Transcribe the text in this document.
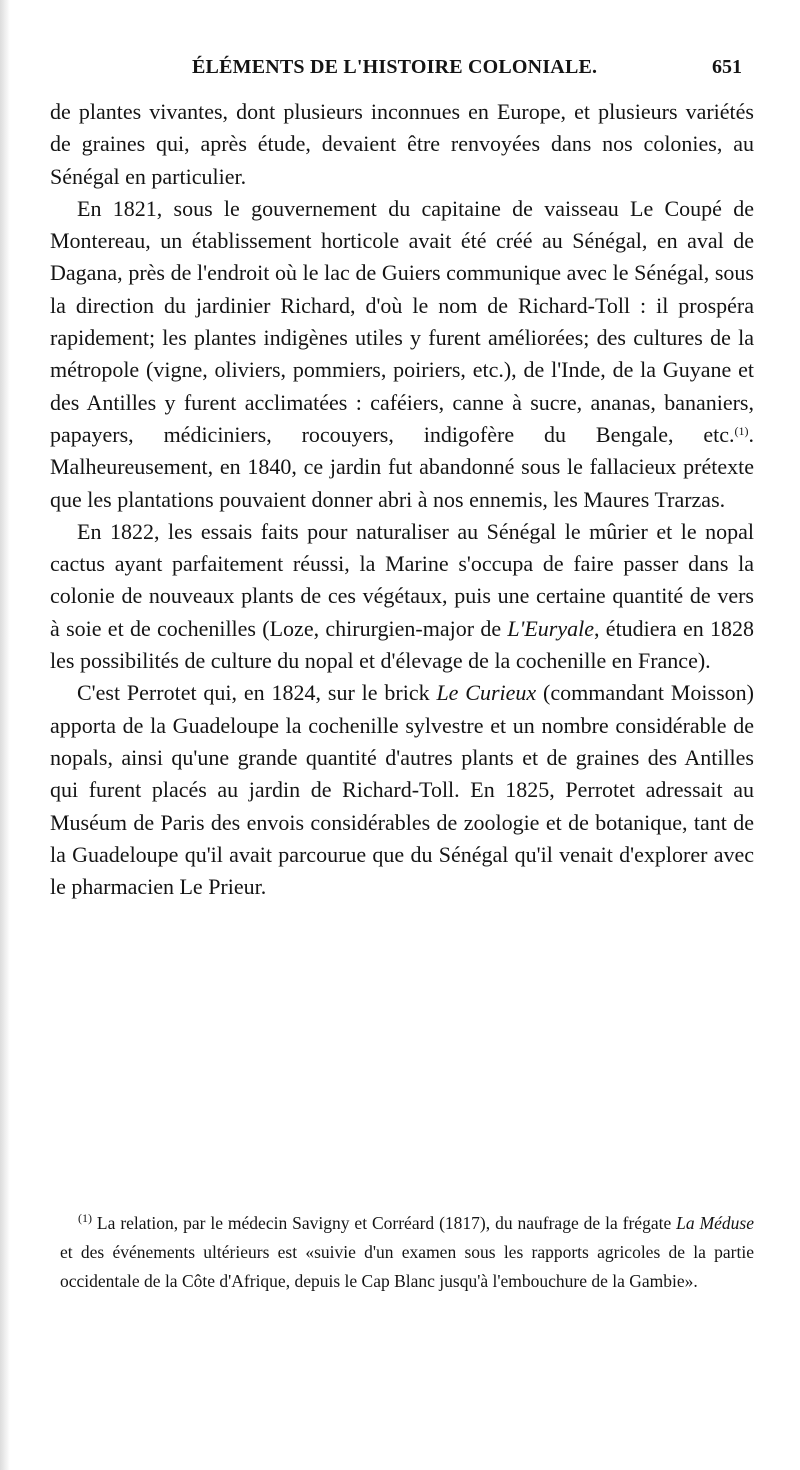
ÉLÉMENTS DE L'HISTOIRE COLONIALE.	651

de plantes vivantes, dont plusieurs inconnues en Europe, et plusieurs variétés de graines qui, après étude, devaient être renvoyées dans nos colonies, au Sénégal en particulier.

En 1821, sous le gouvernement du capitaine de vaisseau Le Coupé de Montereau, un établissement horticole avait été créé au Sénégal, en aval de Dagana, près de l'endroit où le lac de Guiers communique avec le Sénégal, sous la direction du jardinier Richard, d'où le nom de Richard-Toll : il prospéra rapidement; les plantes indigènes utiles y furent améliorées; des cultures de la métropole (vigne, oliviers, pommiers, poiriers, etc.), de l'Inde, de la Guyane et des Antilles y furent acclimatées : caféiers, canne à sucre, ananas, bananiers, papayers, médiciniers, rocouyers, indigofère du Bengale, etc.$^{(1)}$. Malheureusement, en 1840, ce jardin fut abandonné sous le fallacieux prétexte que les plantations pouvaient donner abri à nos ennemis, les Maures Trarzas.

En 1822, les essais faits pour naturaliser au Sénégal le mûrier et le nopal cactus ayant parfaitement réussi, la Marine s'occupa de faire passer dans la colonie de nouveaux plants de ces végétaux, puis une certaine quantité de vers à soie et de cochenilles (Loze, chirurgien-major de L'Euryale, étudiera en 1828 les possibilités de culture du nopal et d'élevage de la cochenille en France).

C'est Perrotet qui, en 1824, sur le brick Le Curieux (commandant Moisson) apporta de la Guadeloupe la cochenille sylvestre et un nombre considérable de nopals, ainsi qu'une grande quantité d'autres plants et de graines des Antilles qui furent placés au jardin de Richard-Toll. En 1825, Perrotet adressait au Muséum de Paris des envois considérables de zoologie et de botanique, tant de la Guadeloupe qu'il avait parcourue que du Sénégal qu'il venait d'explorer avec le pharmacien Le Prieur.

$^{(1)}$ La relation, par le médecin Savigny et Corréard (1817), du naufrage de la frégate La Méduse et des événements ultérieurs est «suivie d'un examen sous les rapports agricoles de la partie occidentale de la Côte d'Afrique, depuis le Cap Blanc jusqu'à l'embouchure de la Gambie».
